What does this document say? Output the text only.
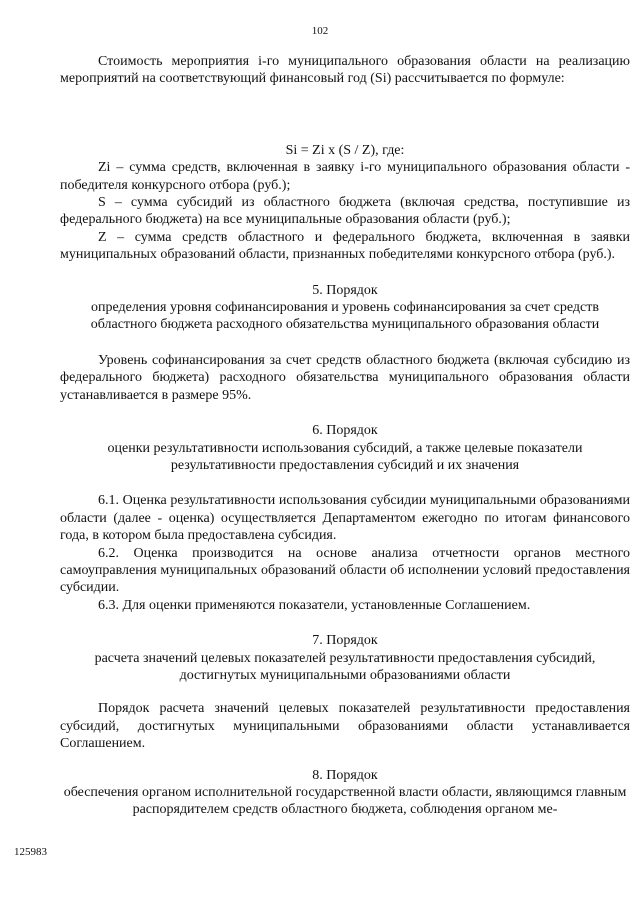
102

Стоимость мероприятия i-го муниципального образования области на реализацию мероприятий на соответствующий финансовый год (Si) рассчитывается по формуле:

Si = Zi x (S / Z), где:

Zi – сумма средств, включенная в заявку i-го муниципального образования области - победителя конкурсного отбора (руб.);

S – сумма субсидий из областного бюджета (включая средства, поступившие из федерального бюджета) на все муниципальные образования области (руб.);

Z – сумма средств областного и федерального бюджета, включенная в заявки муниципальных образований области, признанных победителями конкурсного отбора (руб.).

5. Порядок

определения уровня софинансирования и уровень софинансирования за счет средств областного бюджета расходного обязательства муниципального образования области

Уровень софинансирования за счет средств областного бюджета (включая субсидию из федерального бюджета) расходного обязательства муниципального образования области устанавливается в размере 95%.

6. Порядок

оценки результативности использования субсидий, а также целевые показатели результативности предоставления субсидий и их значения

6.1. Оценка результативности использования субсидии муниципальными образованиями области (далее - оценка) осуществляется Департаментом ежегодно по итогам финансового года, в котором была предоставлена субсидия.

6.2. Оценка производится на основе анализа отчетности органов местного самоуправления муниципальных образований области об исполнении условий предоставления субсидии.

6.3. Для оценки применяются показатели, установленные Соглашением.

7. Порядок

расчета значений целевых показателей результативности предоставления субсидий, достигнутых муниципальными образованиями области

Порядок расчета значений целевых показателей результативности предоставления субсидий, достигнутых муниципальными образованиями области устанавливается Соглашением.

8. Порядок

обеспечения органом исполнительной государственной власти области, являющимся главным распорядителем средств областного бюджета, соблюдения органом ме-

125983
